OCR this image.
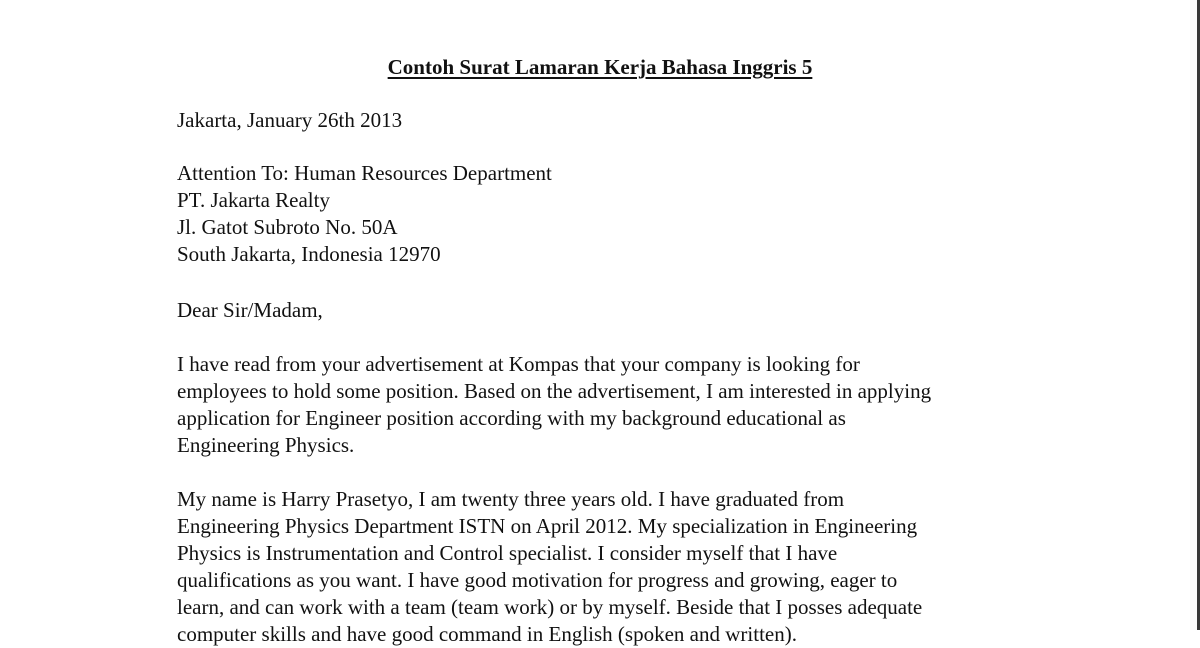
Contoh Surat Lamaran Kerja Bahasa Inggris 5
Jakarta, January 26th 2013
Attention To: Human Resources Department
PT. Jakarta Realty
Jl. Gatot Subroto No. 50A
South Jakarta, Indonesia 12970
Dear Sir/Madam,
I have read from your advertisement at Kompas that your company is looking for
employees to hold some position. Based on the advertisement, I am interested in applying
application for Engineer position according with my background educational as
Engineering Physics.
My name is Harry Prasetyo, I am twenty three years old. I have graduated from
Engineering Physics Department ISTN on April 2012. My specialization in Engineering
Physics is Instrumentation and Control specialist. I consider myself that I have
qualifications as you want. I have good motivation for progress and growing, eager to
learn, and can work with a team (team work) or by myself. Beside that I posses adequate
computer skills and have good command in English (spoken and written).
